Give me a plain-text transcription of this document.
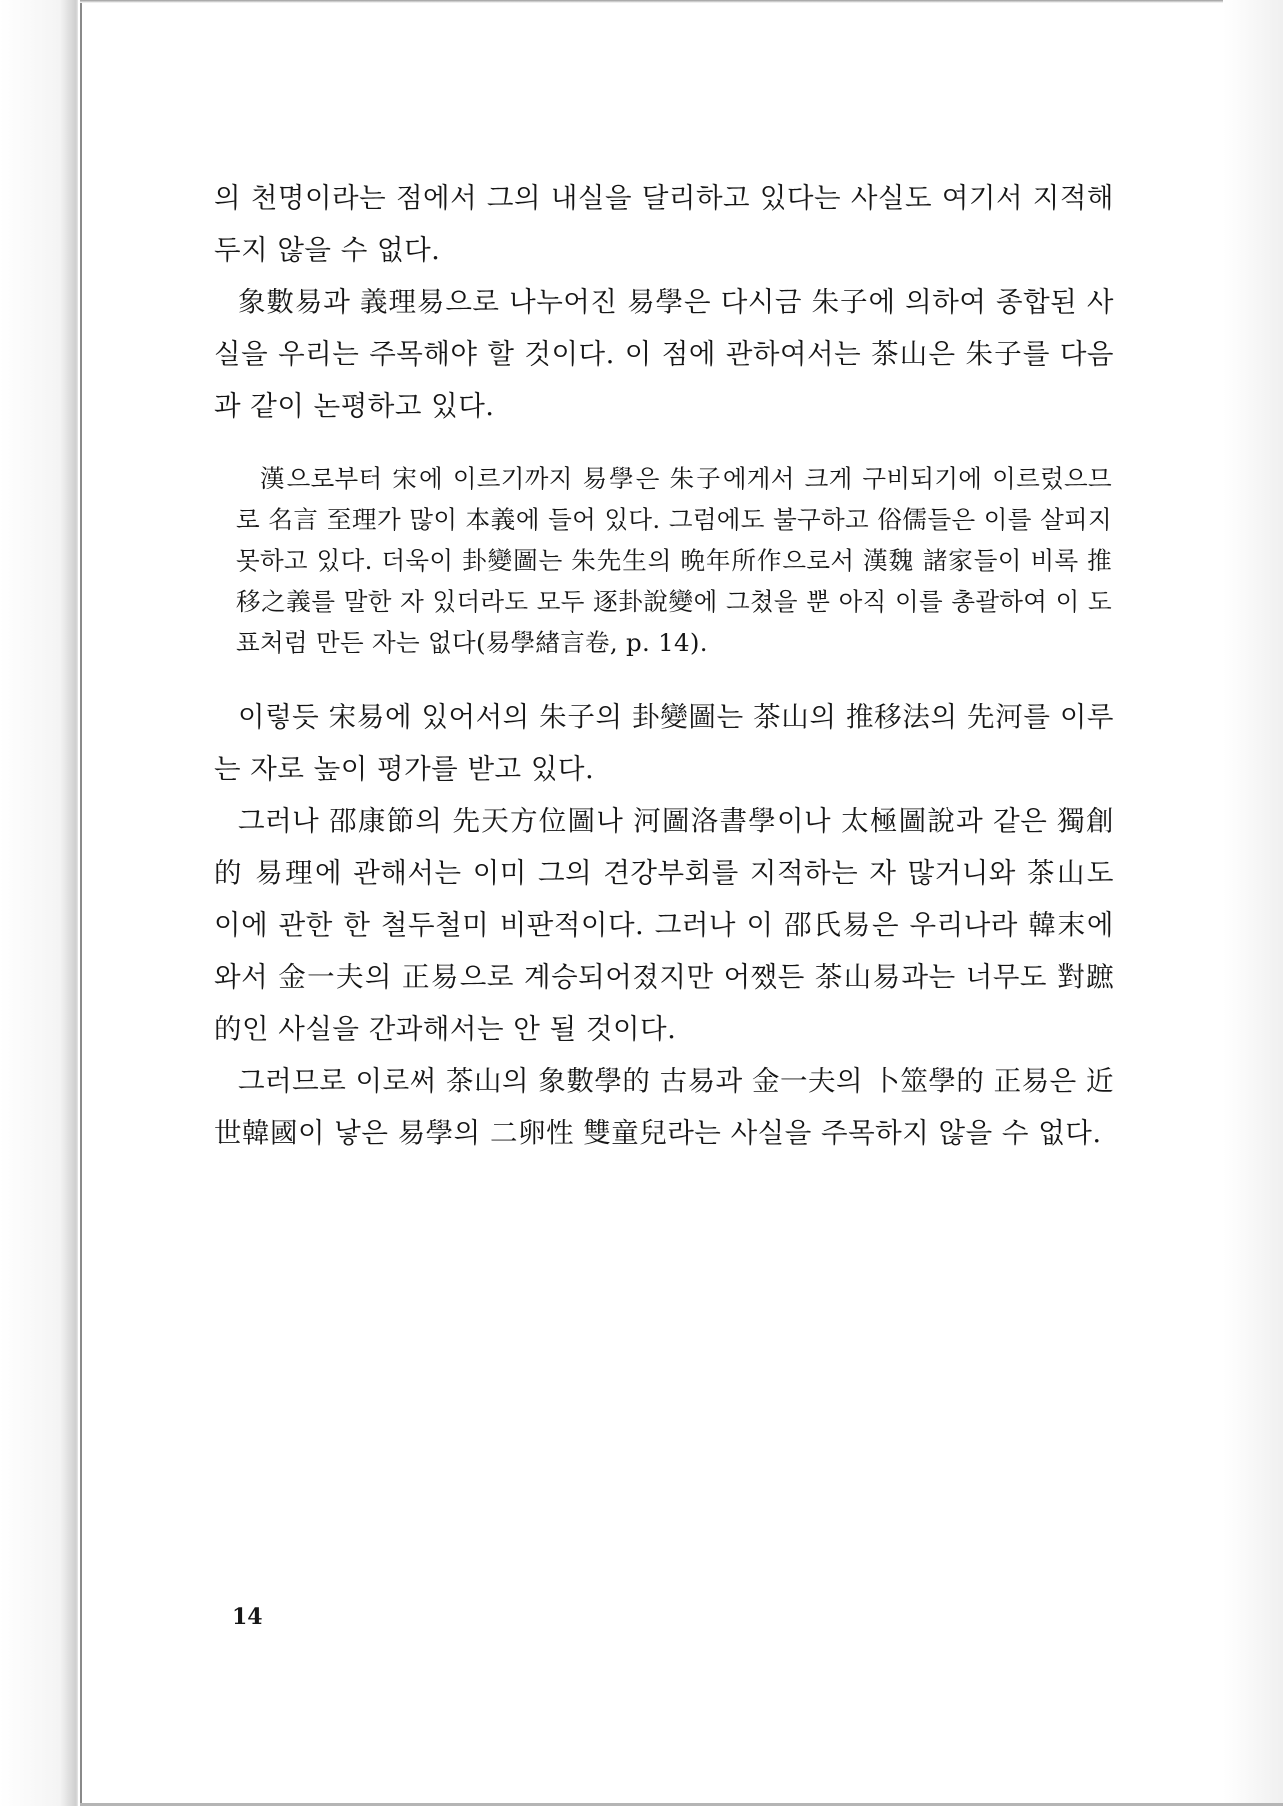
의 천명이라는 점에서 그의 내실을 달리하고 있다는 사실도 여기서 지적해 두지 않을 수 없다.

象數易과 義理易으로 나누어진 易學은 다시금 朱子에 의하여 종합된 사실을 우리는 주목해야 할 것이다. 이 점에 관하여서는 茶山은 朱子를 다음과 같이 논평하고 있다.

漢으로부터 宋에 이르기까지 易學은 朱子에게서 크게 구비되기에 이르렀으므로 名言 至理가 많이 本義에 들어 있다. 그럼에도 불구하고 俗儒들은 이를 살피지 못하고 있다. 더욱이 卦變圖는 朱先生의 晩年所作으로서 漢魏 諸家들이 비록 推移之義를 말한 자 있더라도 모두 逐卦說變에 그쳤을 뿐 아직 이를 총괄하여 이 도표처럼 만든 자는 없다(易學緖言卷, p. 14).

이렇듯 宋易에 있어서의 朱子의 卦變圖는 茶山의 推移法의 先河를 이루는 자로 높이 평가를 받고 있다.

그러나 邵康節의 先天方位圖나 河圖洛書學이나 太極圖說과 같은 獨創的 易理에 관해서는 이미 그의 견강부회를 지적하는 자 많거니와 茶山도 이에 관한 한 철두철미 비판적이다. 그러나 이 邵氏易은 우리나라 韓末에 와서 金一夫의 正易으로 계승되어졌지만 어쨌든 茶山易과는 너무도 對蹠的인 사실을 간과해서는 안 될 것이다.

그러므로 이로써 茶山의 象數學的 古易과 金一夫의 卜筮學的 正易은 近世韓國이 낳은 易學의 二卵性 雙童兒라는 사실을 주목하지 않을 수 없다.

14
